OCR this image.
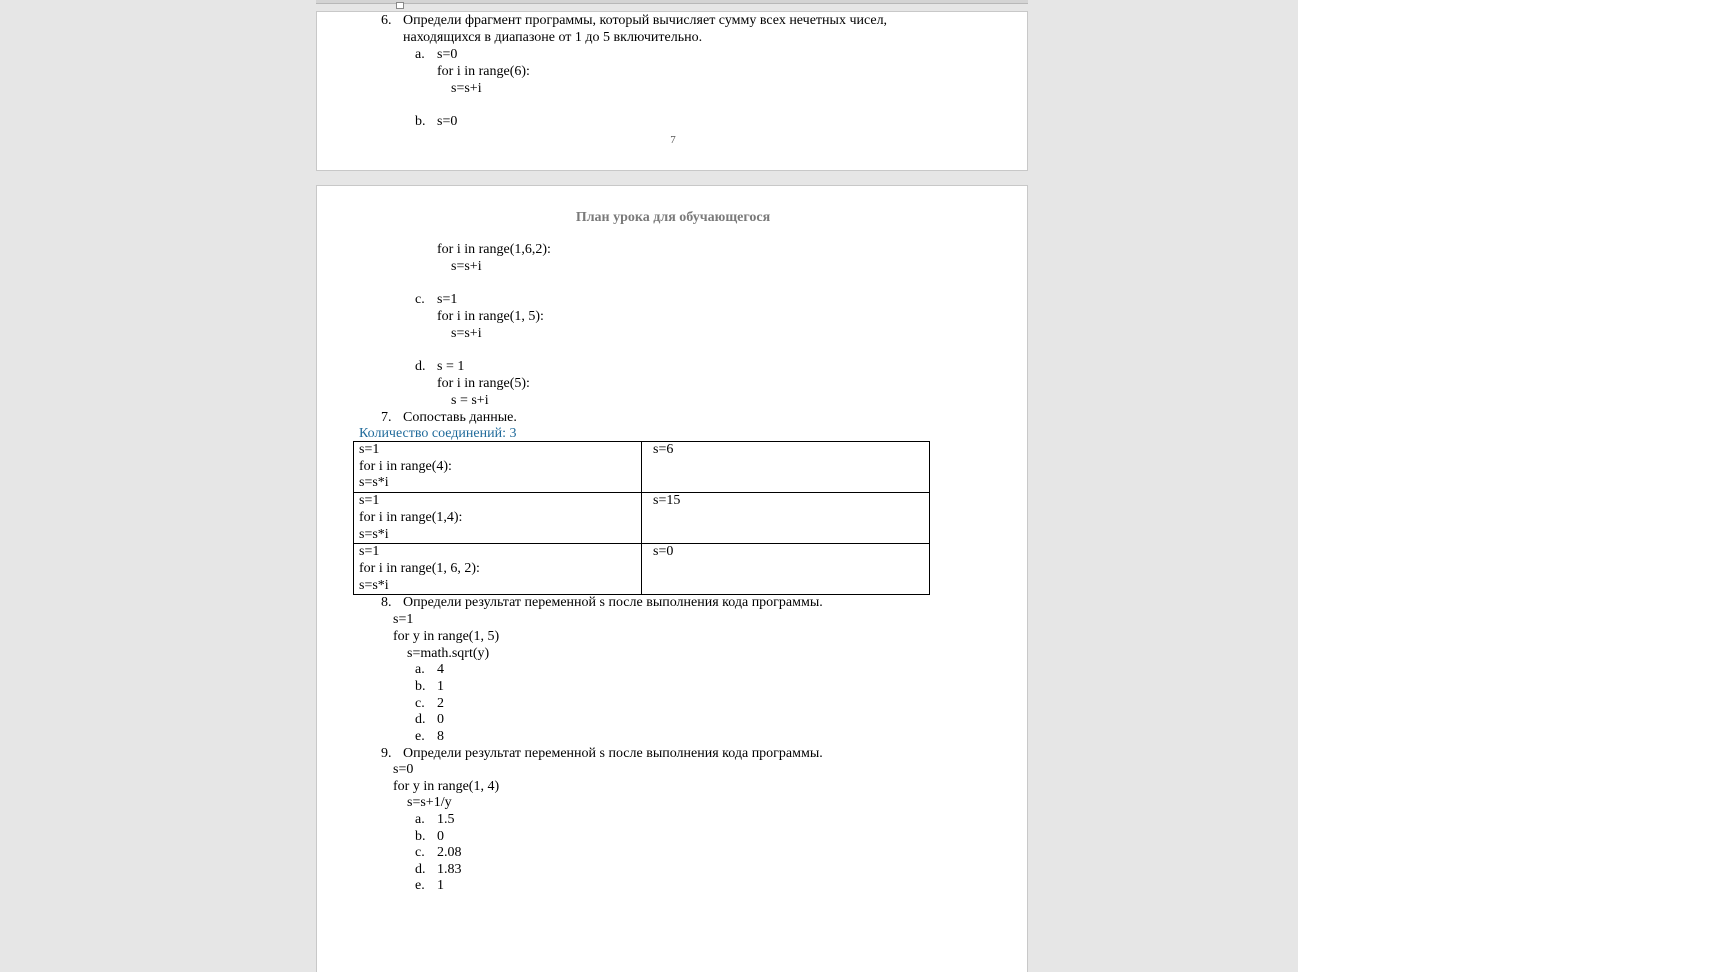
6. Определи фрагмент программы, который вычисляет сумму всех нечетных чисел,
находящихся в диапазоне от 1 до 5 включительно.
a. s=0
for i in range(6):
s=s+i
b. s=0
7
План урока для обучающегося
for i in range(1,6,2):
s=s+i
c. s=1
for i in range(1, 5):
s=s+i
d. s = 1
for i in range(5):
s = s+i
7. Сопоставь данные.
Количество соединений: 3
s=1
for i in range(4):
s=s*i	s=6
s=1
for i in range(1,4):
s=s*i	s=15
s=1
for i in range(1, 6, 2):
s=s*i	s=0
8. Определи результат переменной s после выполнения кода программы.
s=1
for y in range(1, 5)
s=math.sqrt(y)
a. 4
b. 1
c. 2
d. 0
e. 8
9. Определи результат переменной s после выполнения кода программы.
s=0
for y in range(1, 4)
s=s+1/y
a. 1.5
b. 0
c. 2.08
d. 1.83
e. 1
